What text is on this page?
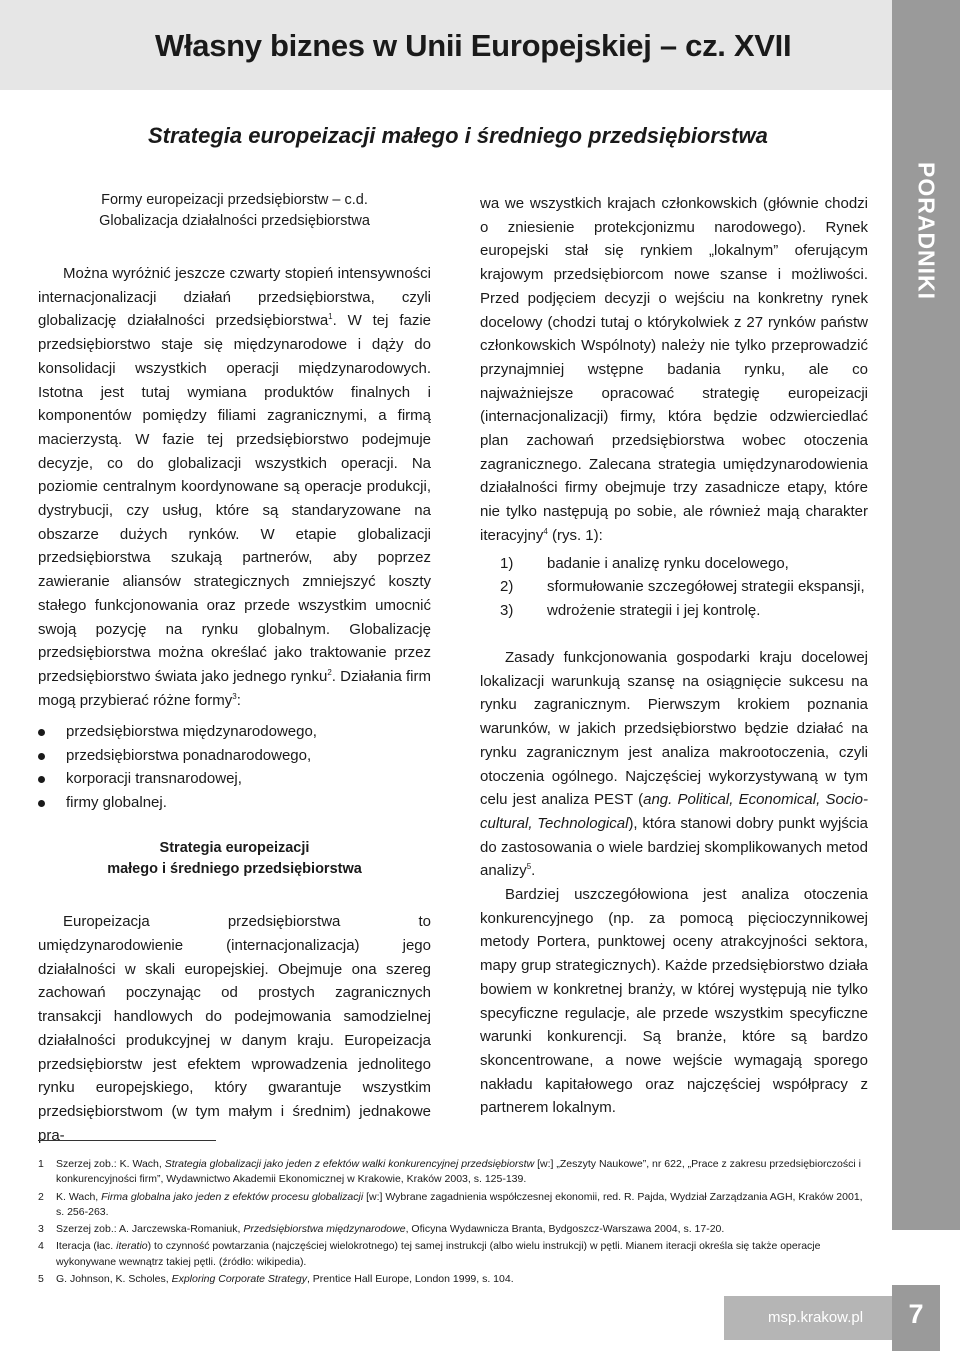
Własny biznes w Unii Europejskiej – cz. XVII
Strategia europeizacji małego i średniego przedsiębiorstwa
PORADNIKI
Formy europeizacji przedsiębiorstw – c.d.
Globalizacja działalności przedsiębiorstwa

Można wyróżnić jeszcze czwarty stopień intensywności internacjonalizacji działań przedsiębiorstwa, czyli globalizację działalności przedsiębiorstwa$^1$. W tej fazie przedsiębiorstwo staje się międzynarodowe i dąży do konsolidacji wszystkich operacji międzynarodowych. Istotna jest tutaj wymiana produktów finalnych i komponentów pomiędzy filiami zagranicznymi, a firmą macierzystą. W fazie tej przedsiębiorstwo podejmuje decyzje, co do globalizacji wszystkich operacji. Na poziomie centralnym koordynowane są operacje produkcji, dystrybucji, czy usług, które są standaryzowane na obszarze dużych rynków. W etapie globalizacji przedsiębiorstwa szukają partnerów, aby poprzez zawieranie aliansów strategicznych zmniejszyć koszty stałego funkcjonowania oraz przede wszystkim umocnić swoją pozycję na rynku globalnym. Globalizację przedsiębiorstwa można określać jako traktowanie przez przedsiębiorstwo świata jako jednego rynku$^2$. Działania firm mogą przybierać różne formy$^3$:

przedsiębiorstwa międzynarodowego,
przedsiębiorstwa ponadnarodowego,
korporacji transnarodowej,
firmy globalnej.
Strategia europeizacji
małego i średniego przedsiębiorstwa

Europeizacja przedsiębiorstwa to umiędzynarodowienie (internacjonalizacja) jego działalności w skali europejskiej. Obejmuje ona szereg zachowań poczynając od prostych zagranicznych transakcji handlowych do podejmowania samodzielnej działalności produkcyjnej w danym kraju. Europeizacja przedsiębiorstw jest efektem wprowadzenia jednolitego rynku europejskiego, który gwarantuje wszystkim przedsiębiorstwom (w tym małym i średnim) jednakowe pra-

wa we wszystkich krajach członkowskich (głównie chodzi o zniesienie protekcjonizmu narodowego). Rynek europejski stał się rynkiem „lokalnym” oferującym krajowym przedsiębiorcom nowe szanse i możliwości. Przed podjęciem decyzji o wejściu na konkretny rynek docelowy (chodzi tutaj o którykolwiek z 27 rynków państw członkowskich Wspólnoty) należy nie tylko przeprowadzić przynajmniej wstępne badania rynku, ale co najważniejsze opracować strategię europeizacji (internacjonalizacji) firmy, która będzie odzwierciedlać plan zachowań przedsiębiorstwa wobec otoczenia zagranicznego. Zalecana strategia umiędzynarodowienia działalności firmy obejmuje trzy zasadnicze etapy, które nie tylko następują po sobie, ale również mają charakter iteracyjny$^4$ (rys. 1):

1)	badanie i analizę rynku docelowego,
2)	sformułowanie szczegółowej strategii ekspansji,
3)	wdrożenie strategii i jej kontrolę.

Zasady funkcjonowania gospodarki kraju docelowej lokalizacji warunkują szansę na osiągnięcie sukcesu na rynku zagranicznym. Pierwszym krokiem poznania warunków, w jakich przedsiębiorstwo będzie działać na rynku zagranicznym jest analiza makrootoczenia, czyli otoczenia ogólnego. Najczęściej wykorzystywaną w tym celu jest analiza PEST (ang. Political, Economical, Socio-cultural, Technological), która stanowi dobry punkt wyjścia do zastosowania o wiele bardziej skomplikowanych metod analizy$^5$.

Bardziej uszczegółowiona jest analiza otoczenia konkurencyjnego (np. za pomocą pięcioczynnikowej metody Portera, punktowej oceny atrakcyjności sektora, mapy grup strategicznych). Każde przedsiębiorstwo działa bowiem w konkretnej branży, w której występują nie tylko specyficzne regulacje, ale przede wszystkim specyficzne warunki konkurencji. Są branże, które są bardzo skoncentrowane, a nowe wejście wymagają sporego nakładu kapitałowego oraz najczęściej współpracy z partnerem lokalnym.

1	Szerzej zob.: K. Wach, Strategia globalizacji jako jeden z efektów walki konkurencyjnej przedsiębiorstw [w:] „Zeszyty Naukowe”, nr 622, „Prace z zakresu przedsiębiorczości i konkurencyjności firm”, Wydawnictwo Akademii Ekonomicznej w Krakowie, Kraków 2003, s. 125-139.
2	K. Wach, Firma globalna jako jeden z efektów procesu globalizacji [w:] Wybrane zagadnienia współczesnej ekonomii, red. R. Pajda, Wydział Zarządzania AGH, Kraków 2001, s. 256-263.
3	Szerzej zob.: A. Jarczewska-Romaniuk, Przedsiębiorstwa międzynarodowe, Oficyna Wydawnicza Branta, Bydgoszcz-Warszawa 2004, s. 17-20.
4	Iteracja (łac. iteratio) to czynność powtarzania (najczęściej wielokrotnego) tej samej instrukcji (albo wielu instrukcji) w pętli. Mianem iteracji określa się także operacje wykonywane wewnątrz takiej pętli. (źródło: wikipedia).
5	G. Johnson, K. Scholes, Exploring Corporate Strategy, Prentice Hall Europe, London 1999, s. 104.
msp.krakow.pl	7
